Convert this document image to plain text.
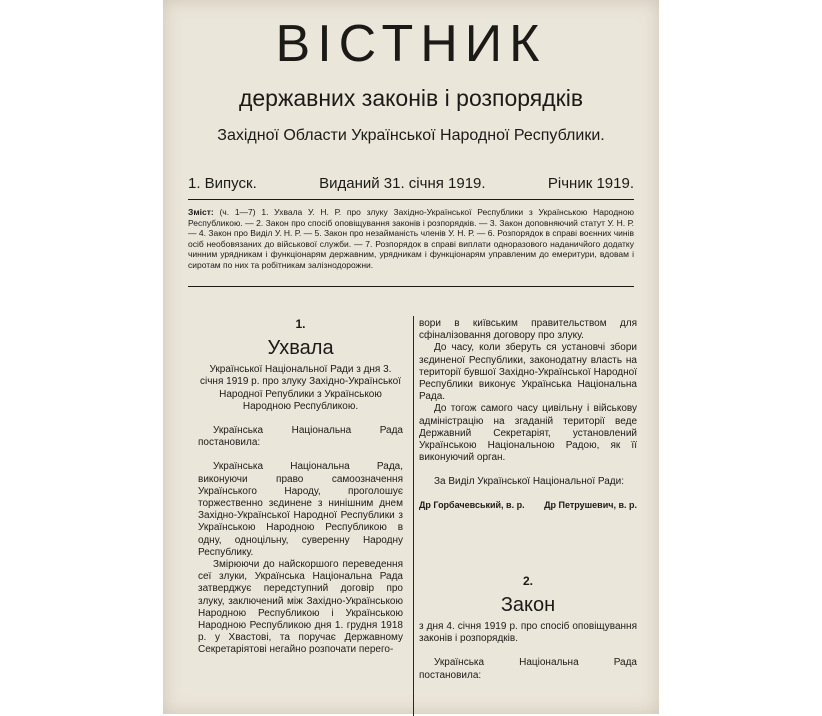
ВІСТНИК
державних законів і розпорядків
Західної Области Української Народної Республики.
1. Випуск.	Виданий 31. січня 1919.	Річник 1919.
Зміст: (ч. 1—7) 1. Ухвала У. Н. Р. про злуку Західно-Української Республики з Українською Народною Республикою. — 2. Закон про спосіб оповіщування законів і розпорядків. — 3. Закон доповняючий статут У. Н. Р. — 4. Закон про Виділ У. Н. Р. — 5. Закон про незайманість членів У. Н. Р. — 6. Розпорядок в справі воєнних чинів осіб необовязаних до військової служби. — 7. Розпорядок в справі виплати одноразового наданичйого додатку чинним урядникам і функціонарям державним, урядникам і функціонарям управленим до емеритури, вдовам і сиротам по них та робітникам залізнодорожни.
1.
Ухвала

Української Національної Ради з дня 3. січня 1919 р. про злуку Західно-Української Народної Републики з Українською Народною Республикою.

Українська Національна Рада постановила:

Українська Національна Рада, виконуючи право самоозначення Українського Народу, проголошує торжественно зєдинене з нинішним днем Західно-Української Народної Республики з Українською Народною Республикою в одну, одноцільну, суверенну Народну Республику.

Змірюючи до найскоршого переведення сеї злуки, Українська Національна Рада затверджує передступний договір про злуку, заключений між Західно-Українською Народною Республикою і Українською Народною Республикою дня 1. грудня 1918 р. у Хвастові, та поручає Державному Секретаріятові негайно розпочати перего-

вори в київським правительством для сфіналізовання договору про злуку.

До часу, коли зберуть ся установчі збори зєдиненої Республики, законодатну власть на території бувшої Західно-Української Народної Республики виконує Українська Національна Рада.

До тогож самого часу цивільну і військову адміністрацію на згаданій території веде Державний Секретаріят, установлений Українською Національною Радою, як її виконуючий орган.

За Виділ Української Національної Ради:

Др Горбачевський, в. р. Др Петрушевич, в. р.
2.
Закон

з дня 4. січня 1919 р. про спосіб оповіщування законів і розпорядків.

Українська Національна Рада постановила:
